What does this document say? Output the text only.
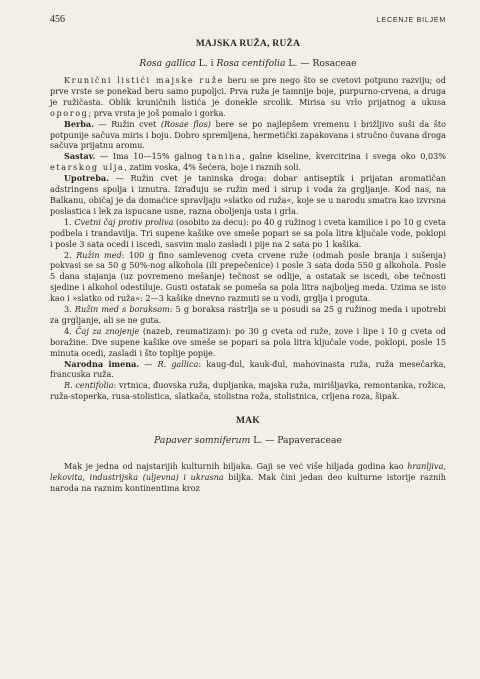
456	LECENJE BILJEM
MAJSKA RUŽA, RUŽA
Rosa gallica L. i Rosa centifolia L. — Rosaceae

Krunični listići majske ruže beru se pre nego što se cvetovi potpuno razviju; od prve vrste se ponekad beru samo pupoljci. Prva ruža je tamnije boje, purpurno-crvena, a druga je ružičasta. Oblik kruničnih listića je donekle srcolik. Mirisa su vrlo prijatnog a ukusa oporog; prva vrsta je još pomalo i gorka.

Berba. — Ružin cvet (Rosae flos) bere se po najlepšem vremenu i brižljivo suši da što potpunije sačuva miris i boju. Dobro spremljena, hermetički zapakovana i stručno čuvana droga sačuva prijatnu aromu.

Sastav. — Ima 10—15% galnog tanina, galne kiseline, kvercitrina i svega oko 0,03% etarskog ulja, zatim voska, 4% šećera, boje i raznih soli.

Upotreba. — Ružin cvet je taninska droga: dobar antiseptik i prijatan aromatičan adstringens spolja i iznutra. Izrađuju se ružin med i sirup i voda za grgljanje. Kod nas, na Balkanu, običaj je da domaćice spravljaju »slatko od ruža«, koje se u narodu smatra kao izvrsna poslastica i lek za ispucane usne, razna oboljenja usta i grla.

1. Cvetni čaj protiv proliva (osobito za decu): po 40 g ružinog i cveta kamilice i po 10 g cveta podbela i trandavilja. Tri supene kašike ove smeše popari se sa pola litra ključale vode, poklopi i posle 3 sata ocedi i iscedi, sasvim malo zasladi i pije na 2 sata po 1 kašika.

2. Ružin med: 100 g fino samlevenog cveta crvene ruže (odmah posle branja i sušenja) pokvasi se sa 50 g 50%-nog alkohola (ili prepečenice) i posle 3 sata doda 550 g alkohola. Posle 5 dana stajanja (uz povremeno mešanje) tečnost se odlije, a ostatak se iscedi, obe tečnosti sjedine i alkohol odestiluje. Gusti ostatak se pomeša sa pola litra najboljeg meda. Uzima se isto kao i »slatko od ruža«: 2—3 kašike dnevno razmuti se u vodi, grglja i proguta.

3. Ružin med s boraksom: 5 g boraksa rastrlja se u posudi sa 25 g ružinog meda i upotrebi za grgljanje, ali se ne guta.

4. Čaj za znojenje (nazeb, reumatizam): po 30 g cveta od ruže, zove i lipe i 10 g cveta od boražine. Dve supene kašike ove smeše se popari sa pola litra ključale vode, poklopi, posle 15 minuta ocedi, zasladi i što toplije popije.

Narodna imena. — R. gallica: kaug-đul, kauk-đul, mahovinasta ruža, ruža mesečarka, francuska ruža.

R. centifolia: vrtnica, đuovska ruža, dupljanka, majska ruža, mirišljavka, remontanka, rožica, ruža-stoperka, rusa-stolistica, slatkača, stolistna roža, stolistnica, crljena roza, šipak.

MAK
Papaver somniferum L. — Papaveraceae

Mak je jedna od najstarijih kulturnih biljaka. Gaji se već više hiljada godina kao hranljiva, lekovita, industrijska (uljevna) i ukrasna biljka. Mak čini jedan deo kulturne istorije raznih naroda na raznim kontinentima kroz
